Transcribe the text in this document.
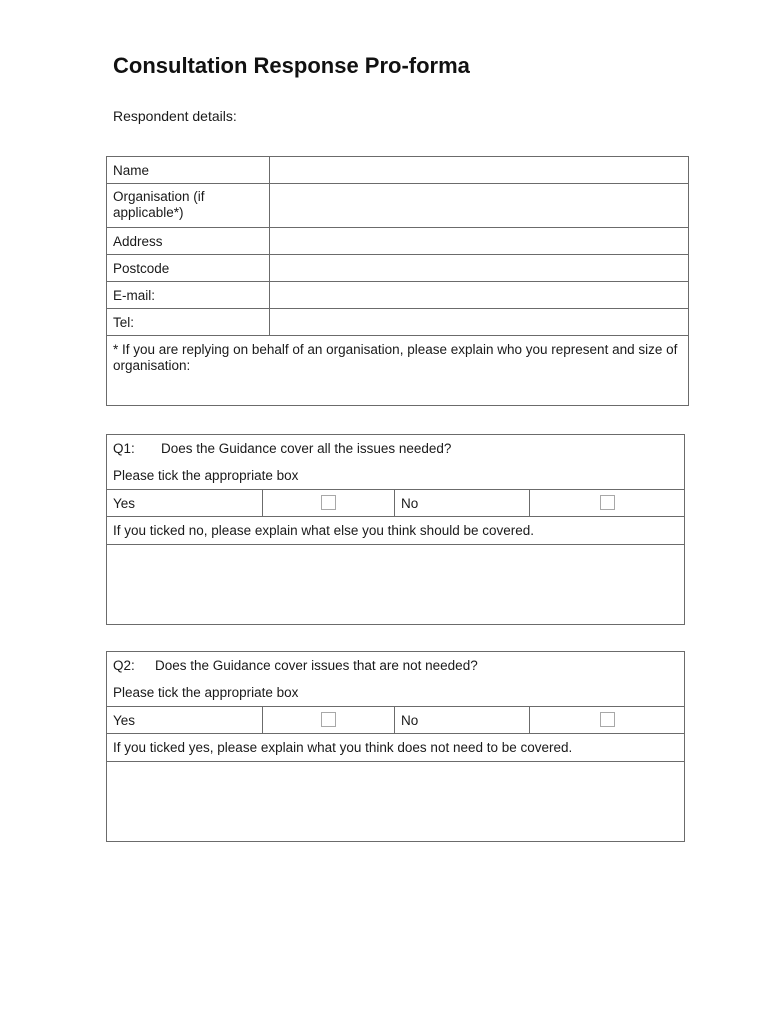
Consultation Response Pro-forma
Respondent details:
Name	
Organisation (if applicable*)	
Address	
Postcode	
E-mail:	
Tel:	
* If you are replying on behalf of an organisation, please explain who you represent and size of organisation:	
Q1: Does the Guidance cover all the issues needed?
Please tick the appropriate box

Yes		No	
If you ticked no, please explain what else you think should be covered.

Q2: Does the Guidance cover issues that are not needed?
Please tick the appropriate box

Yes		No	
If you ticked yes, please explain what you think does not need to be covered.
